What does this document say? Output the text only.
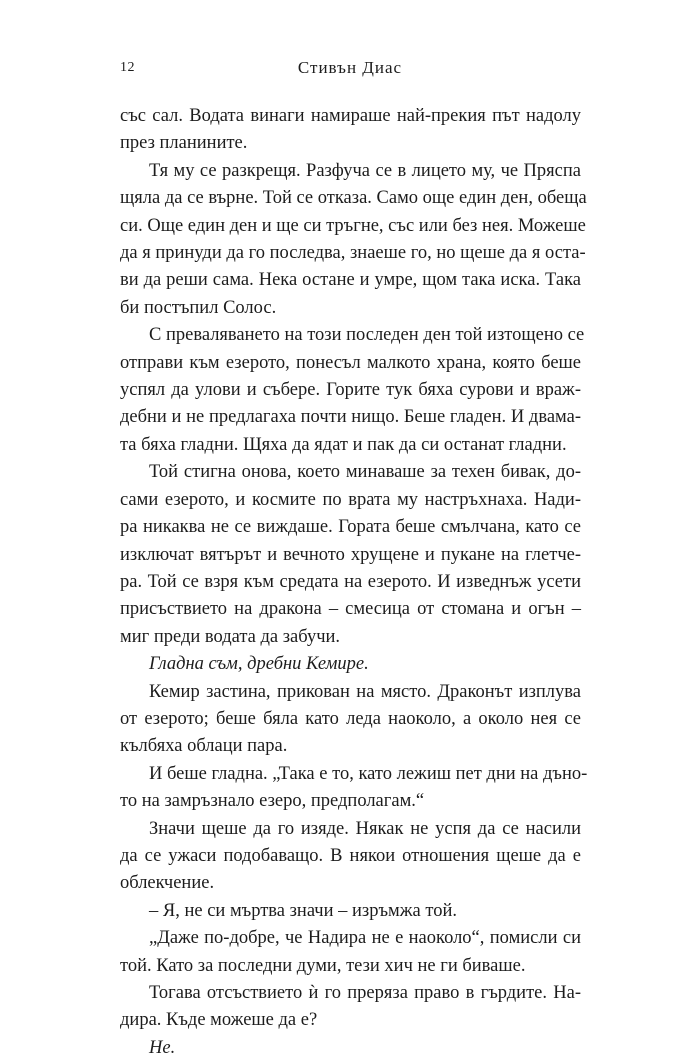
12	Стивън Диас
със сал. Водата винаги намираше най-прекия път надолу
през планините.
Тя му се разкрещя. Разфуча се в лицето му, че Пряспа
щяла да се върне. Той се отказа. Само още един ден, обеща
си. Още един ден и ще си тръгне, със или без нея. Можеше
да я принуди да го последва, знаеше го, но щеше да я оста-
ви да реши сама. Нека остане и умре, щом така иска. Така
би постъпил Солос.
С преваляването на този последен ден той изтощено се
отправи към езерото, понесъл малкото храна, която беше
успял да улови и събере. Горите тук бяха сурови и враж-
дебни и не предлагаха почти нищо. Беше гладен. И двама-
та бяха гладни. Щяха да ядат и пак да си останат гладни.
Той стигна онова, което минаваше за техен бивак, до-
сами езерото, и космите по врата му настръхнаха. Нади-
ра никаква не се виждаше. Гората беше смълчана, като се
изключат вятърът и вечното хрущене и пукане на глетче-
ра. Той се взря към средата на езерото. И изведнъж усети
присъствието на дракона – смесица от стомана и огън –
миг преди водата да забучи.
Гладна съм, дребни Кемире.
Кемир застина, прикован на място. Драконът изплува
от езерото; беше бяла като леда наоколо, а около нея се
кълбяха облаци пара.
И беше гладна. „Така е то, като лежиш пет дни на дъно-
то на замръзнало езеро, предполагам.“
Значи щеше да го изяде. Някак не успя да се насили
да се ужаси подобаващо. В някои отношения щеше да е
облекчение.
– Я, не си мъртва значи – изръмжа той.
„Даже по-добре, че Надира не е наоколо“, помисли си
той. Като за последни думи, тези хич не ги биваше.
Тогава отсъствието ѝ го преряза право в гърдите. На-
дира. Къде можеше да е?
Не.
